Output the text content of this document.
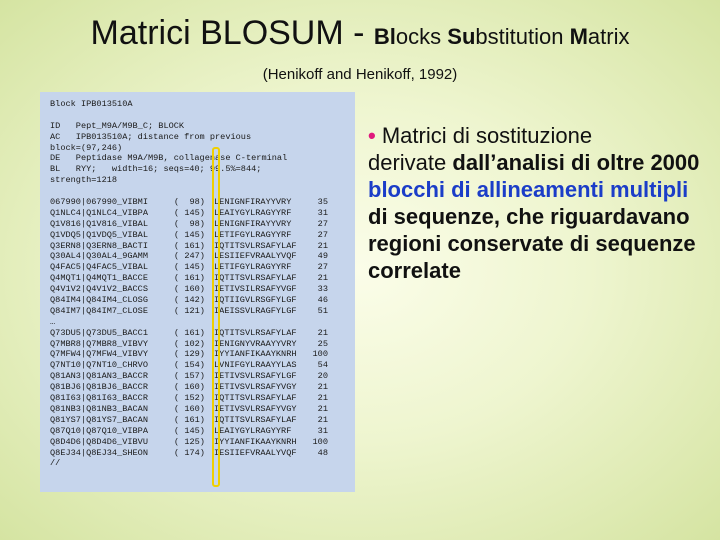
Matrici BLOSUM - Blocks Substitution Matrix
(Henikoff and Henikoff, 1992)
Block IPB013510A
ID   Pept_M9A/M9B_C; BLOCK
AC   IPB013510A; distance from previous
block=(97,246)
DE   Peptidase M9A/M9B, collagenase C-terminal
BL   RYY;   width=16; seqs=40; 99.5%=844;
strength=1218
067990|067990_VIBMI	(  98) LENIGNFIRAYYVRY	35
Q1NLC4|Q1NLC4_VIBPA	( 145) LEAIYGYLRAGYYRF	31
Q1V816|Q1V816_VIBAL	(  98) LENIGNFIRAYYVRY	27
Q1VDQ5|Q1VDQ5_VIBAL	( 145) LETIFGYLRAGYYRF	27
Q3ERN8|Q3ERN8_BACTI	( 161) IQTITSVLRSAFYLAF	21
Q30AL4|Q30AL4_9GAMM	( 247) LESIIEFVRAALYVQF	49
Q4FAC5|Q4FAC5_VIBAL	( 145) LETIFGYLRAGYYRF	27
Q4MQT1|Q4MQT1_BACCE	( 161) IQTITSVLRSAFYLAF	21
Q4V1V2|Q4V1V2_BACCS	( 160) IETIVSILRSAFYVGF	33
Q84IM4|Q84IM4_CLOSG	( 142) IQTIIGVLRSGFYLGF	46
Q84IM7|Q84IM7_CLOSE	( 121) IAEISSVLRAGFYLGF	51
…
Q73DU5|Q73DU5_BACC1	( 161) IQTITSVLRSAFYLAF	21
Q7MBR8|Q7MBR8_VIBVY	( 102) IENIGNYVRAAYYVRY	25
Q7MFW4|Q7MFW4_VIBVY	( 129) IYYIANFIKAAYKNRH	100
Q7NT10|Q7NT10_CHRVO	( 154) LVNIFGYLRAAYYLAS	54
Q81AN3|Q81AN3_BACCR	( 157) IETIVSVLRSAFYLGF	20
Q81BJ6|Q81BJ6_BACCR	( 160) IETIVSVLRSAFYVGY	21
Q81I63|Q81I63_BACCR	( 152) IQTITSVLRSAFYLAF	21
Q81NB3|Q81NB3_BACAN	( 160) IETIVSVLRSAFYVGY	21
Q81YS7|Q81YS7_BACAN	( 161) IQTITSVLRSAFYLAF	21
Q87Q10|Q87Q10_VIBPA	( 145) LEAIYGYLRAGYYRF	31
Q8D4D6|Q8D4D6_VIBVU	( 125) IYYIANFIKAAYKNRH	100
Q8EJ34|Q8EJ34_SHEON	( 174) IESIIEFVRAALYVQF	48
//
• Matrici di sostituzione
derivate dall’analisi di oltre 2000 blocchi di allineamenti multipli di sequenze, che riguardavano regioni conservate di sequenze correlate
